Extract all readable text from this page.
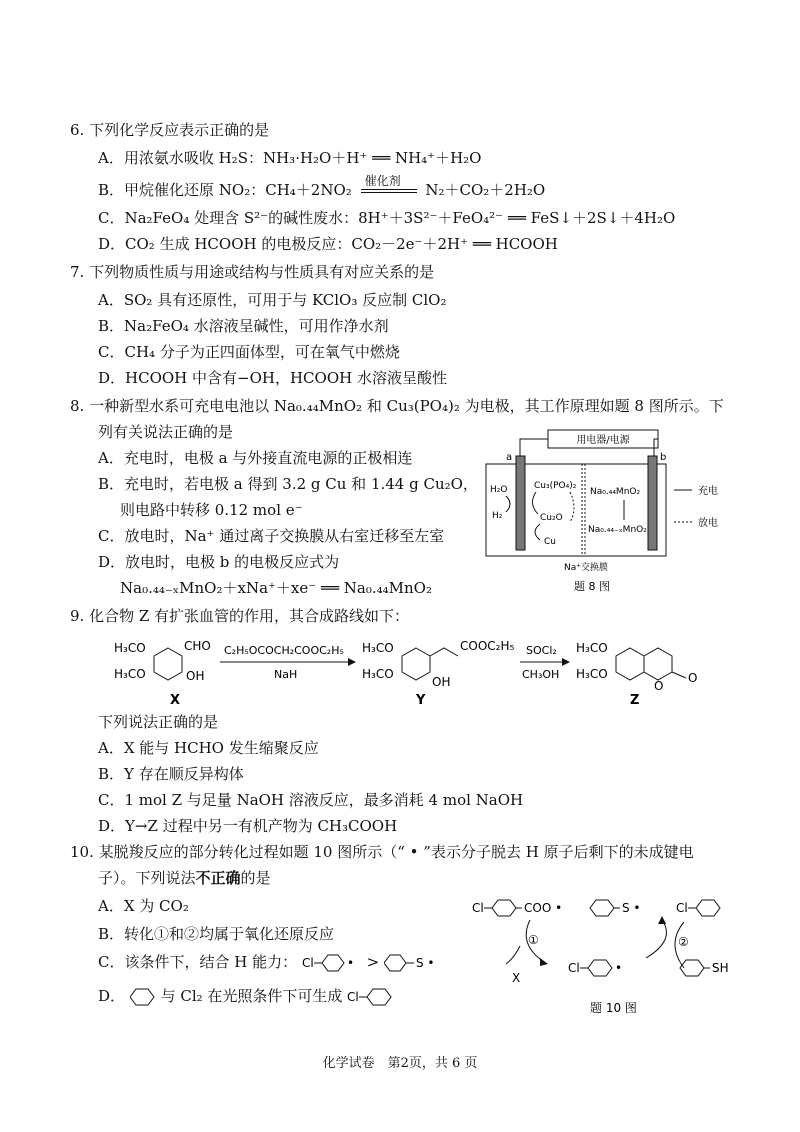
6. 下列化学反应表示正确的是
A．用浓氨水吸收 H₂S：NH₃·H₂O＋H⁺ ══ NH₄⁺＋H₂O
B．甲烷催化还原 NO₂：CH₄＋2NO₂ 催化剂 N₂＋CO₂＋2H₂O
C．Na₂FeO₄ 处理含 S²⁻的碱性废水：8H⁺＋3S²⁻＋FeO₄²⁻ ══ FeS↓＋2S↓＋4H₂O
D．CO₂ 生成 HCOOH 的电极反应：CO₂－2e⁻＋2H⁺ ══ HCOOH
7. 下列物质性质与用途或结构与性质具有对应关系的是
A．SO₂ 具有还原性，可用于与 KClO₃ 反应制 ClO₂
B．Na₂FeO₄ 水溶液呈碱性，可用作净水剂
C．CH₄ 分子为正四面体型，可在氧气中燃烧
D．HCOOH 中含有−OH，HCOOH 水溶液呈酸性
8. 一种新型水系可充电电池以 Na₀.₄₄MnO₂ 和 Cu₃(PO₄)₂ 为电极，其工作原理如题 8 图所示。下
列有关说法正确的是
A．充电时，电极 a 与外接直流电源的正极相连
B．充电时，若电极 a 得到 3.2 g Cu 和 1.44 g Cu₂O，
则电路中转移 0.12 mol e⁻
C．放电时，Na⁺ 通过离子交换膜从右室迁移至左室
D．放电时，电极 b 的电极反应式为
Na₀.₄₄₋ₓMnO₂＋xNa⁺＋xe⁻ ══ Na₀.₄₄MnO₂
用电器/电源
a	b
H₂O
H₂
Cu₃(PO₄)₂
Cu₂O
Cu
Na₀.₄₄MnO₂
Na₀.₄₄₋ₓMnO₂
充电
放电
Na⁺交换膜
题 8 图
9. 化合物 Z 有扩张血管的作用，其合成路线如下：
H₃CO
H₃CO
CHO
OH
X
C₂H₅OCOCH₂COOC₂H₅
NaH
H₃CO
H₃CO
COOC₂H₅
OH
Y
SOCl₂
CH₃OH
H₃CO
H₃CO
O
O
Z
下列说法正确的是
A．X 能与 HCHO 发生缩聚反应
B．Y 存在顺反异构体
C．1 mol Z 与足量 NaOH 溶液反应，最多消耗 4 mol NaOH
D．Y→Z 过程中另一有机产物为 CH₃COOH
10. 某脱羧反应的部分转化过程如题 10 图所示（“ • ”表示分子脱去 H 原子后剩下的未成键电
子）。下列说法不正确的是
A．X 为 CO₂
B．转化①和②均属于氧化还原反应
C．该条件下，结合 H 能力： Cl	• >	S •
D． 与 Cl₂ 在光照条件下可生成 Cl
Cl	COO •	S •	Cl
①
X
Cl	•
②
SH
题 10 图
化学试卷　第2页，共 6 页
